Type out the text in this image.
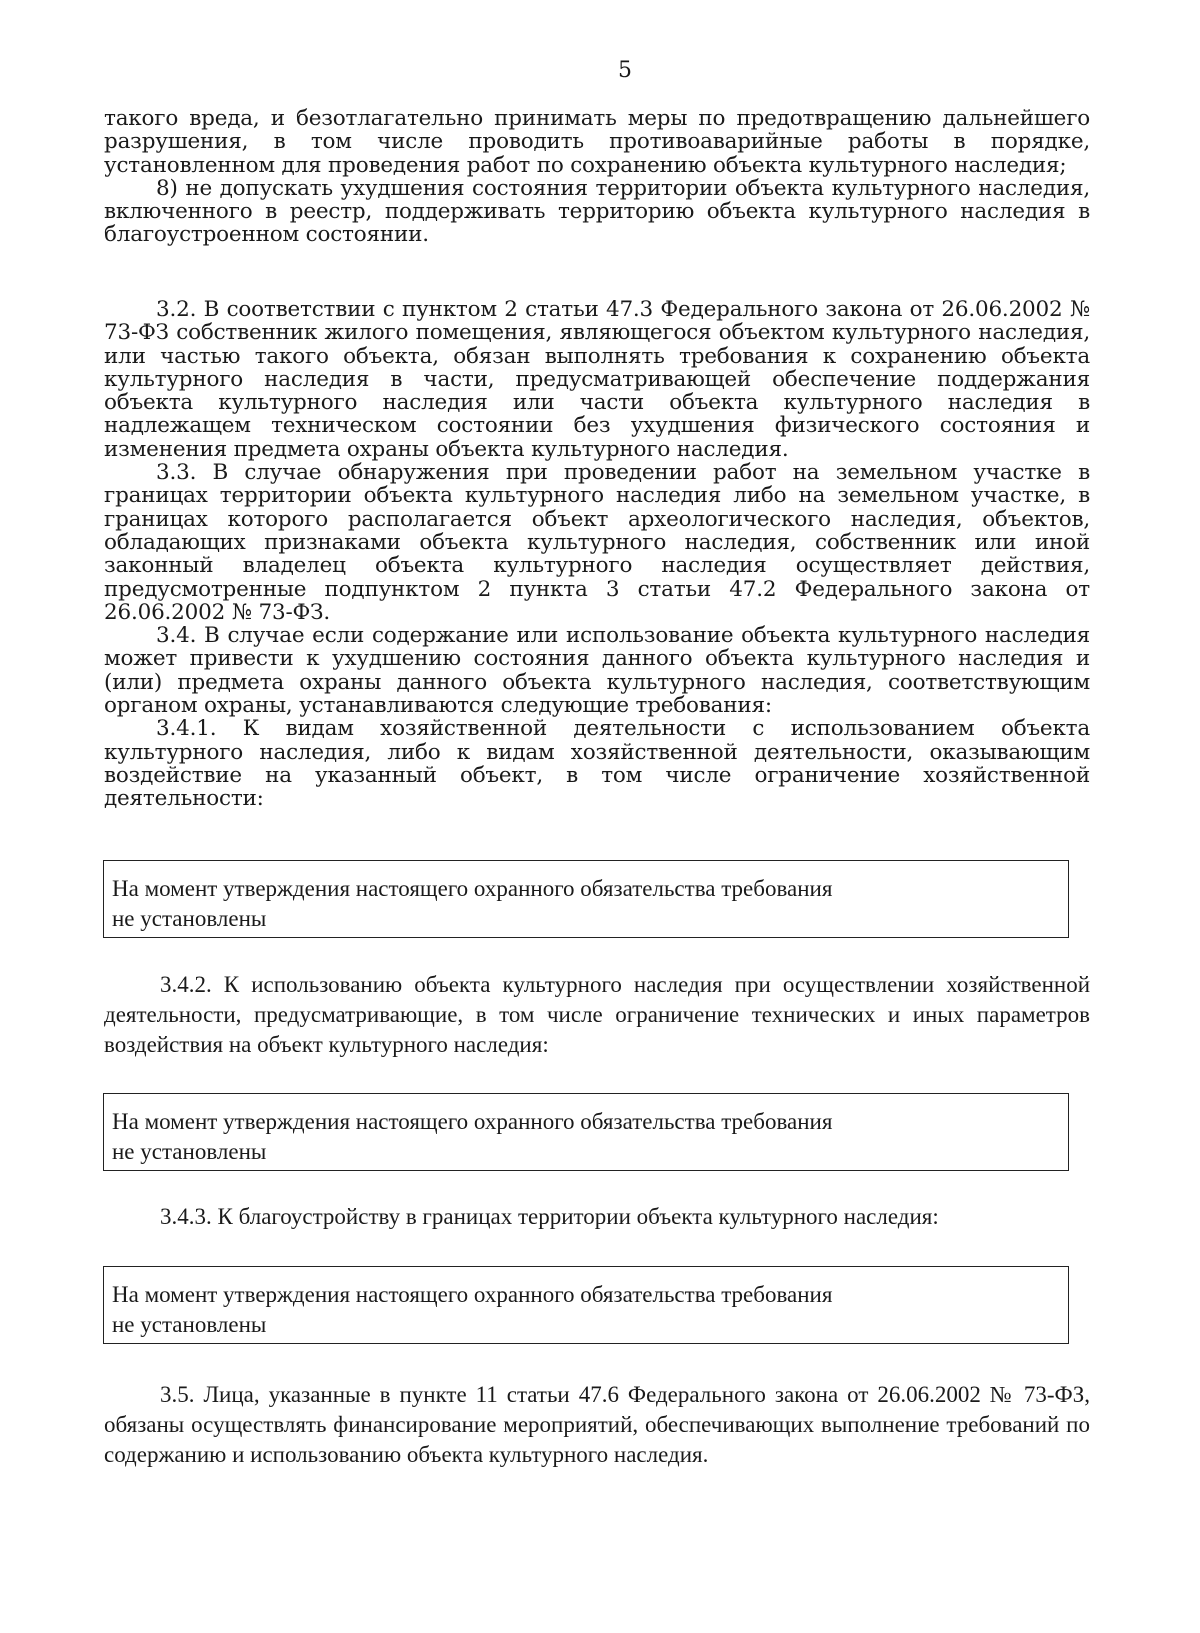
5

такого вреда, и безотлагательно принимать меры по предотвращению дальнейшего разрушения, в том числе проводить противоаварийные работы в порядке, установленном для проведения работ по сохранению объекта культурного наследия;

8) не допускать ухудшения состояния территории объекта культурного наследия, включенного в реестр, поддерживать территорию объекта культурного наследия в благоустроенном состоянии.

3.2. В соответствии с пунктом 2 статьи 47.3 Федерального закона от 26.06.2002 № 73-ФЗ собственник жилого помещения, являющегося объектом культурного наследия, или частью такого объекта, обязан выполнять требования к сохранению объекта культурного наследия в части, предусматривающей обеспечение поддержания объекта культурного наследия или части объекта культурного наследия в надлежащем техническом состоянии без ухудшения физического состояния и изменения предмета охраны объекта культурного наследия.

3.3. В случае обнаружения при проведении работ на земельном участке в границах территории объекта культурного наследия либо на земельном участке, в границах которого располагается объект археологического наследия, объектов, обладающих признаками объекта культурного наследия, собственник или иной законный владелец объекта культурного наследия осуществляет действия, предусмотренные подпунктом 2 пункта 3 статьи 47.2 Федерального закона от 26.06.2002 № 73-ФЗ.

3.4. В случае если содержание или использование объекта культурного наследия может привести к ухудшению состояния данного объекта культурного наследия и (или) предмета охраны данного объекта культурного наследия, соответствующим органом охраны, устанавливаются следующие требования:

3.4.1. К видам хозяйственной деятельности с использованием объекта культурного наследия, либо к видам хозяйственной деятельности, оказывающим воздействие на указанный объект, в том числе ограничение хозяйственной деятельности:

На момент утверждения настоящего охранного обязательства требования
не установлены

3.4.2. К использованию объекта культурного наследия при осуществлении хозяйственной деятельности, предусматривающие, в том числе ограничение технических и иных параметров воздействия на объект культурного наследия:

На момент утверждения настоящего охранного обязательства требования
не установлены

3.4.3. К благоустройству в границах территории объекта культурного наследия:

На момент утверждения настоящего охранного обязательства требования
не установлены

3.5. Лица, указанные в пункте 11 статьи 47.6 Федерального закона от 26.06.2002 № 73-ФЗ, обязаны осуществлять финансирование мероприятий, обеспечивающих выполнение требований по содержанию и использованию объекта культурного наследия.
